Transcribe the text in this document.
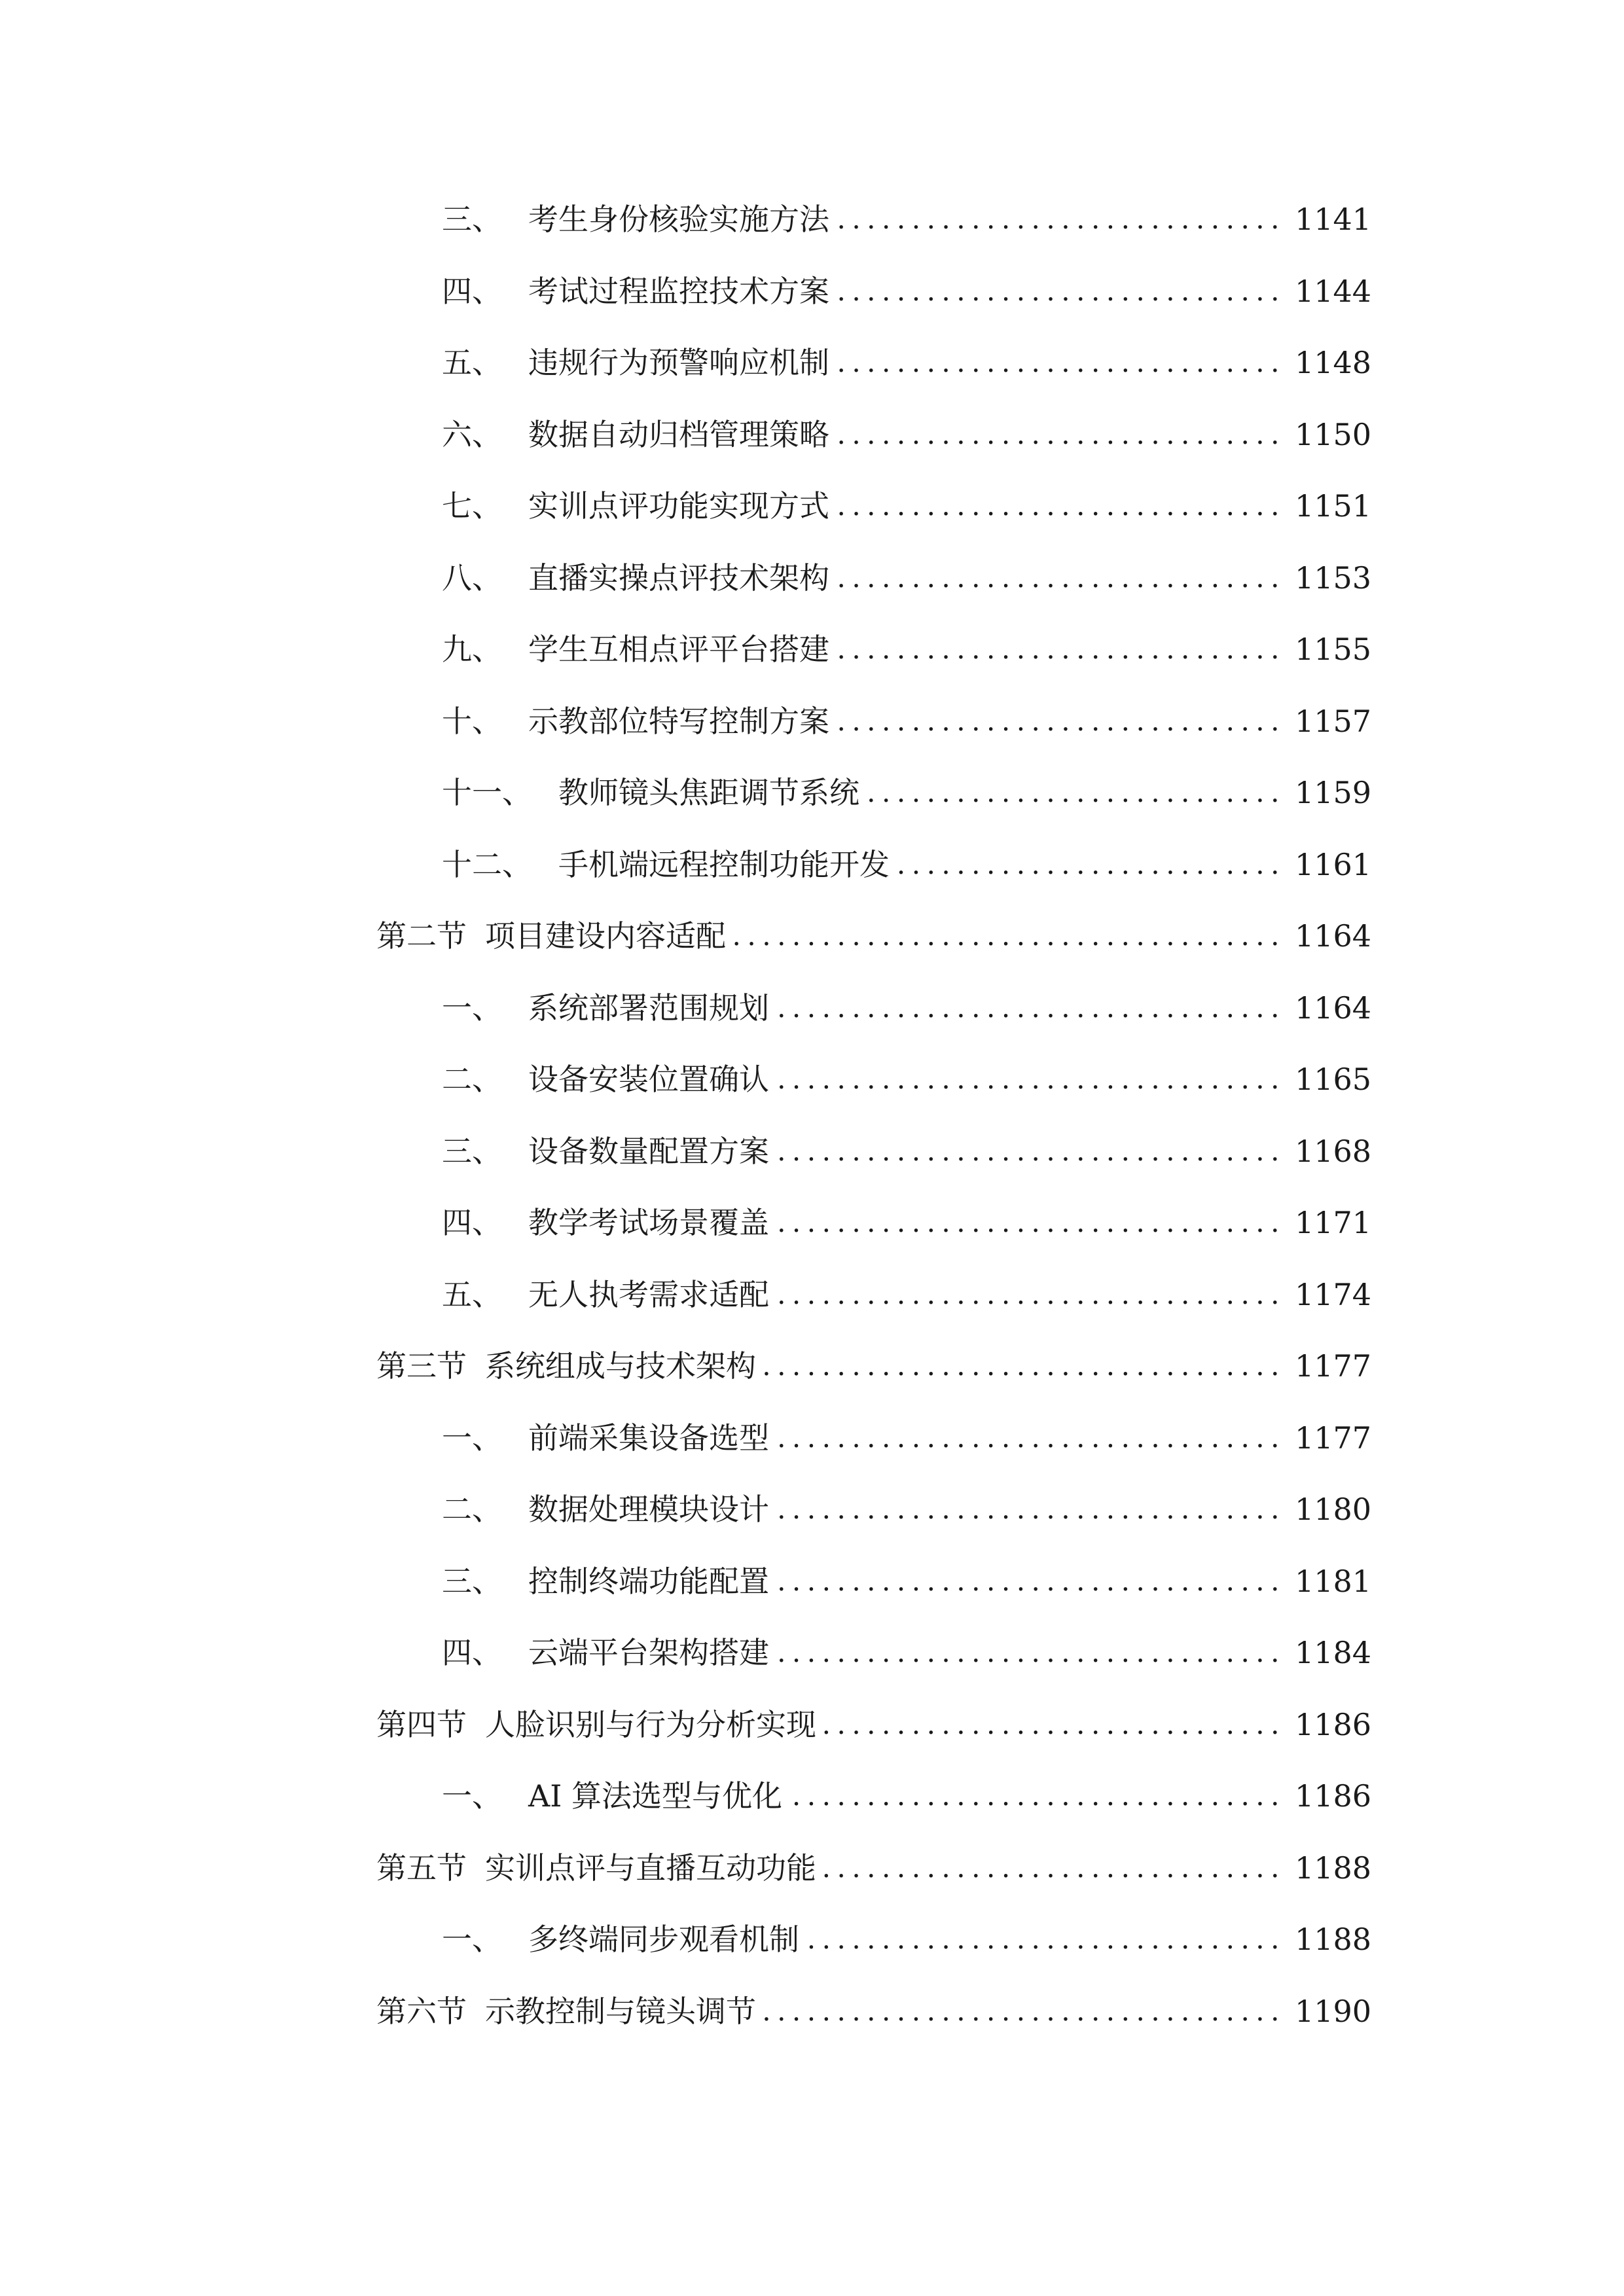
三、 考生身份核验实施方法 .....	1141
四、 考试过程监控技术方案 .....	1144
五、 违规行为预警响应机制 .....	1148
六、 数据自动归档管理策略 .....	1150
七、 实训点评功能实现方式 .....	1151
八、 直播实操点评技术架构 .....	1153
九、 学生互相点评平台搭建 .....	1155
十、 示教部位特写控制方案 .....	1157
十一、 教师镜头焦距调节系统 .....	1159
十二、 手机端远程控制功能开发 .....	1161
第二节 项目建设内容适配 .....	1164
一、 系统部署范围规划 .....	1164
二、 设备安装位置确认 .....	1165
三、 设备数量配置方案 .....	1168
四、 教学考试场景覆盖 .....	1171
五、 无人执考需求适配 .....	1174
第三节 系统组成与技术架构 .....	1177
一、 前端采集设备选型 .....	1177
二、 数据处理模块设计 .....	1180
三、 控制终端功能配置 .....	1181
四、 云端平台架构搭建 .....	1184
第四节 人脸识别与行为分析实现 .....	1186
一、 AI 算法选型与优化 .....	1186
第五节 实训点评与直播互动功能 .....	1188
一、 多终端同步观看机制 .....	1188
第六节 示教控制与镜头调节 .....	1190
